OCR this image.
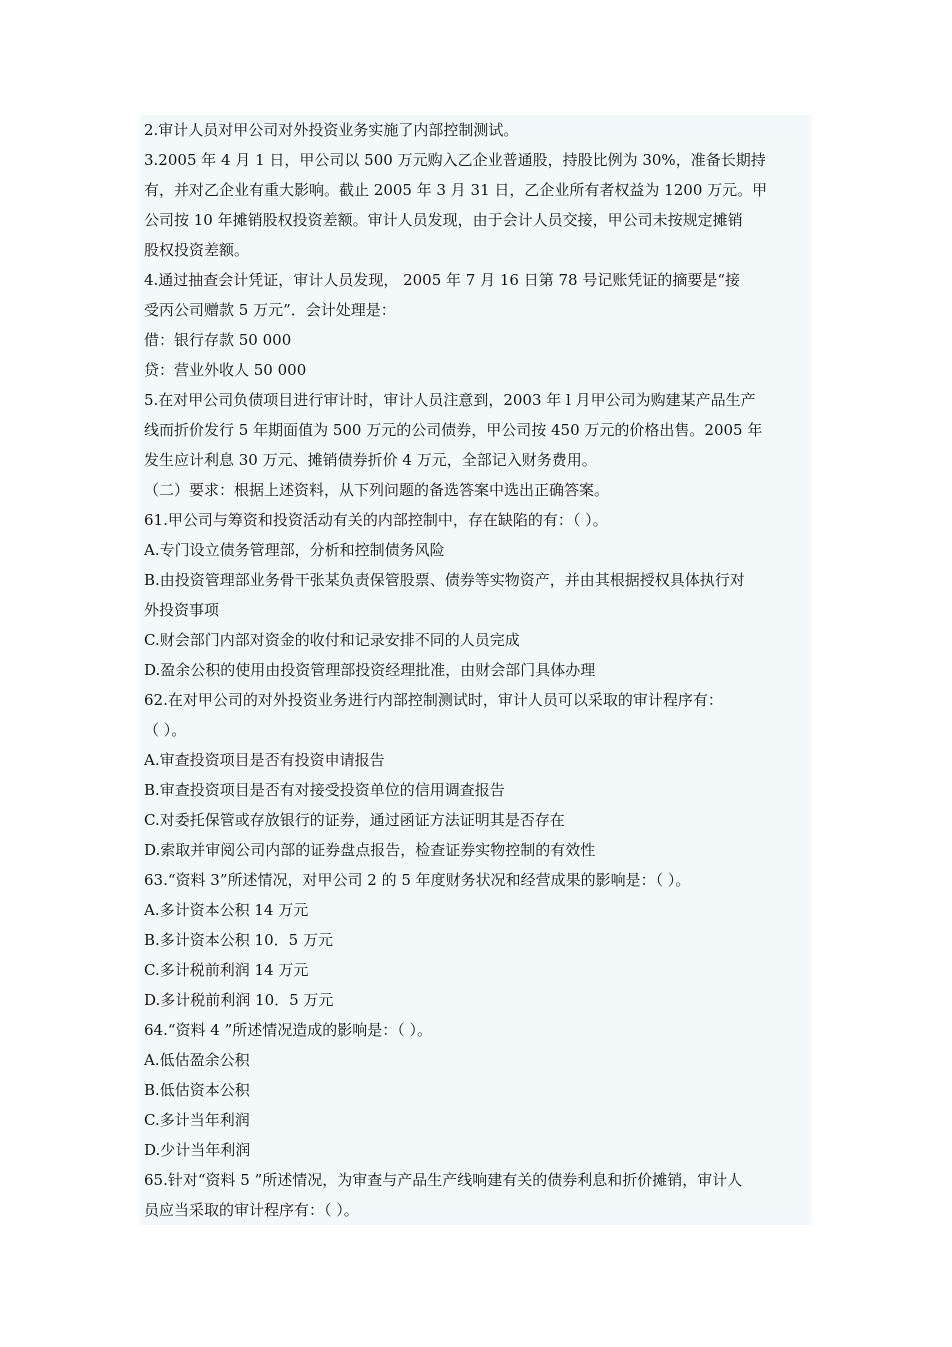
2.审计人员对甲公司对外投资业务实施了内部控制测试。
3.2005 年 4 月 1 日，甲公司以 500 万元购入乙企业普通股，持股比例为 30%，准备长期持
有，并对乙企业有重大影响。截止 2005 年 3 月 31 日，乙企业所有者权益为 1200 万元。甲
公司按 10 年摊销股权投资差额。审计人员发现，由于会计人员交接，甲公司未按规定摊销
股权投资差额。
4.通过抽查会计凭证，审计人员发现， 2005 年 7 月 16 日第 78 号记账凭证的摘要是“接
受丙公司赠款 5 万元”．会计处理是：
借：银行存款 50 000
贷：营业外收人 50 000
5.在对甲公司负债项目进行审计时，审计人员注意到，2003 年 l 月甲公司为购建某产品生产
线而折价发行 5 年期面值为 500 万元的公司债券，甲公司按 450 万元的价格出售。2005 年
发生应计利息 30 万元、摊销债券折价 4 万元，全部记入财务费用。
（二）要求：根据上述资料，从下列问题的备选答案中选出正确答案。
61.甲公司与筹资和投资活动有关的内部控制中，存在缺陷的有：（ ）。
A.专门设立债务管理部，分析和控制债务风险
B.由投资管理部业务骨干张某负责保管股票、债券等实物资产，并由其根据授权具体执行对
外投资事项
C.财会部门内部对资金的收付和记录安排不同的人员完成
D.盈余公积的使用由投资管理部投资经理批准，由财会部门具体办理
62.在对甲公司的对外投资业务进行内部控制测试时，审计人员可以采取的审计程序有：
（ ）。
A.审查投资项目是否有投资申请报告
B.审查投资项目是否有对接受投资单位的信用调查报告
C.对委托保管或存放银行的证券，通过函证方法证明其是否存在
D.索取并审阅公司内部的证券盘点报告，检查证券实物控制的有效性
63.“资料 3”所述情况，对甲公司 2 的 5 年度财务状况和经营成果的影响是：（ ）。
A.多计资本公积 14 万元
B.多计资本公积 10．5 万元
C.多计税前利润 14 万元
D.多计税前利润 10．5 万元
64.“资料 4 ”所述情况造成的影响是：（ ）。
A.低估盈余公积
B.低估资本公积
C.多计当年利润
D.少计当年利润
65.针对“资料 5 ”所述情况，为审查与产品生产线响建有关的债券利息和折价摊销，审计人
员应当采取的审计程序有：（ ）。
